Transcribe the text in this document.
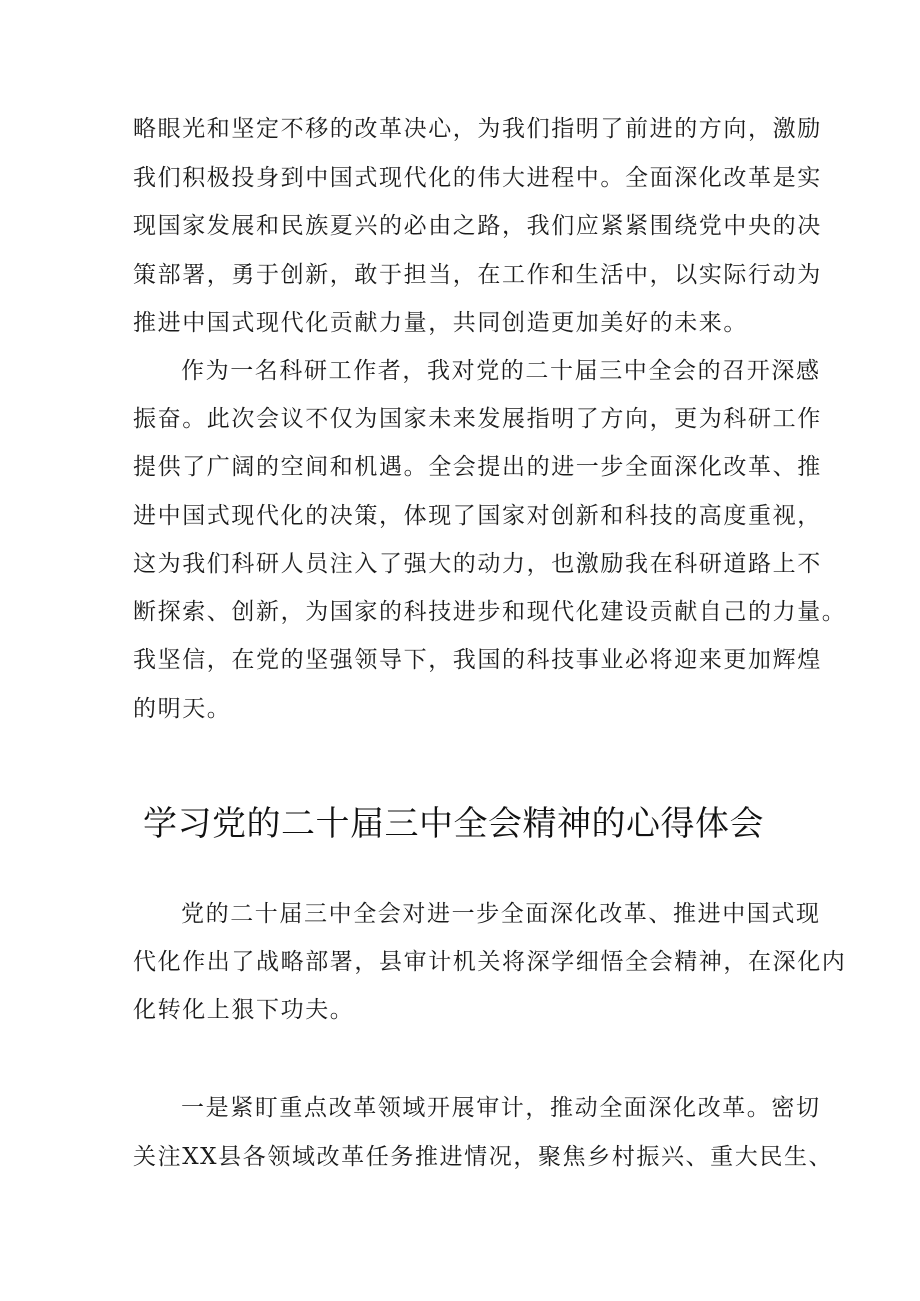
略眼光和坚定不移的改革决心，为我们指明了前进的方向，激励
我们积极投身到中国式现代化的伟大进程中。全面深化改革是实
现国家发展和民族夏兴的必由之路，我们应紧紧围绕党中央的决
策部署，勇于创新，敢于担当，在工作和生活中，以实际行动为
推进中国式现代化贡献力量，共同创造更加美好的未来。
作为一名科研工作者，我对党的二十届三中全会的召开深感
振奋。此次会议不仅为国家未来发展指明了方向，更为科研工作
提供了广阔的空间和机遇。全会提出的进一步全面深化改革、推
进中国式现代化的决策，体现了国家对创新和科技的高度重视，
这为我们科研人员注入了强大的动力，也激励我在科研道路上不
断探索、创新，为国家的科技进步和现代化建设贡献自己的力量。
我坚信，在党的坚强领导下，我国的科技事业必将迎来更加辉煌
的明天。
学习党的二十届三中全会精神的心得体会
党的二十届三中全会对进一步全面深化改革、推进中国式现
代化作出了战略部署，县审计机关将深学细悟全会精神，在深化内
化转化上狠下功夫。
一是紧盯重点改革领域开展审计，推动全面深化改革。密切
关注XX县各领域改革任务推进情况，聚焦乡村振兴、重大民生、
